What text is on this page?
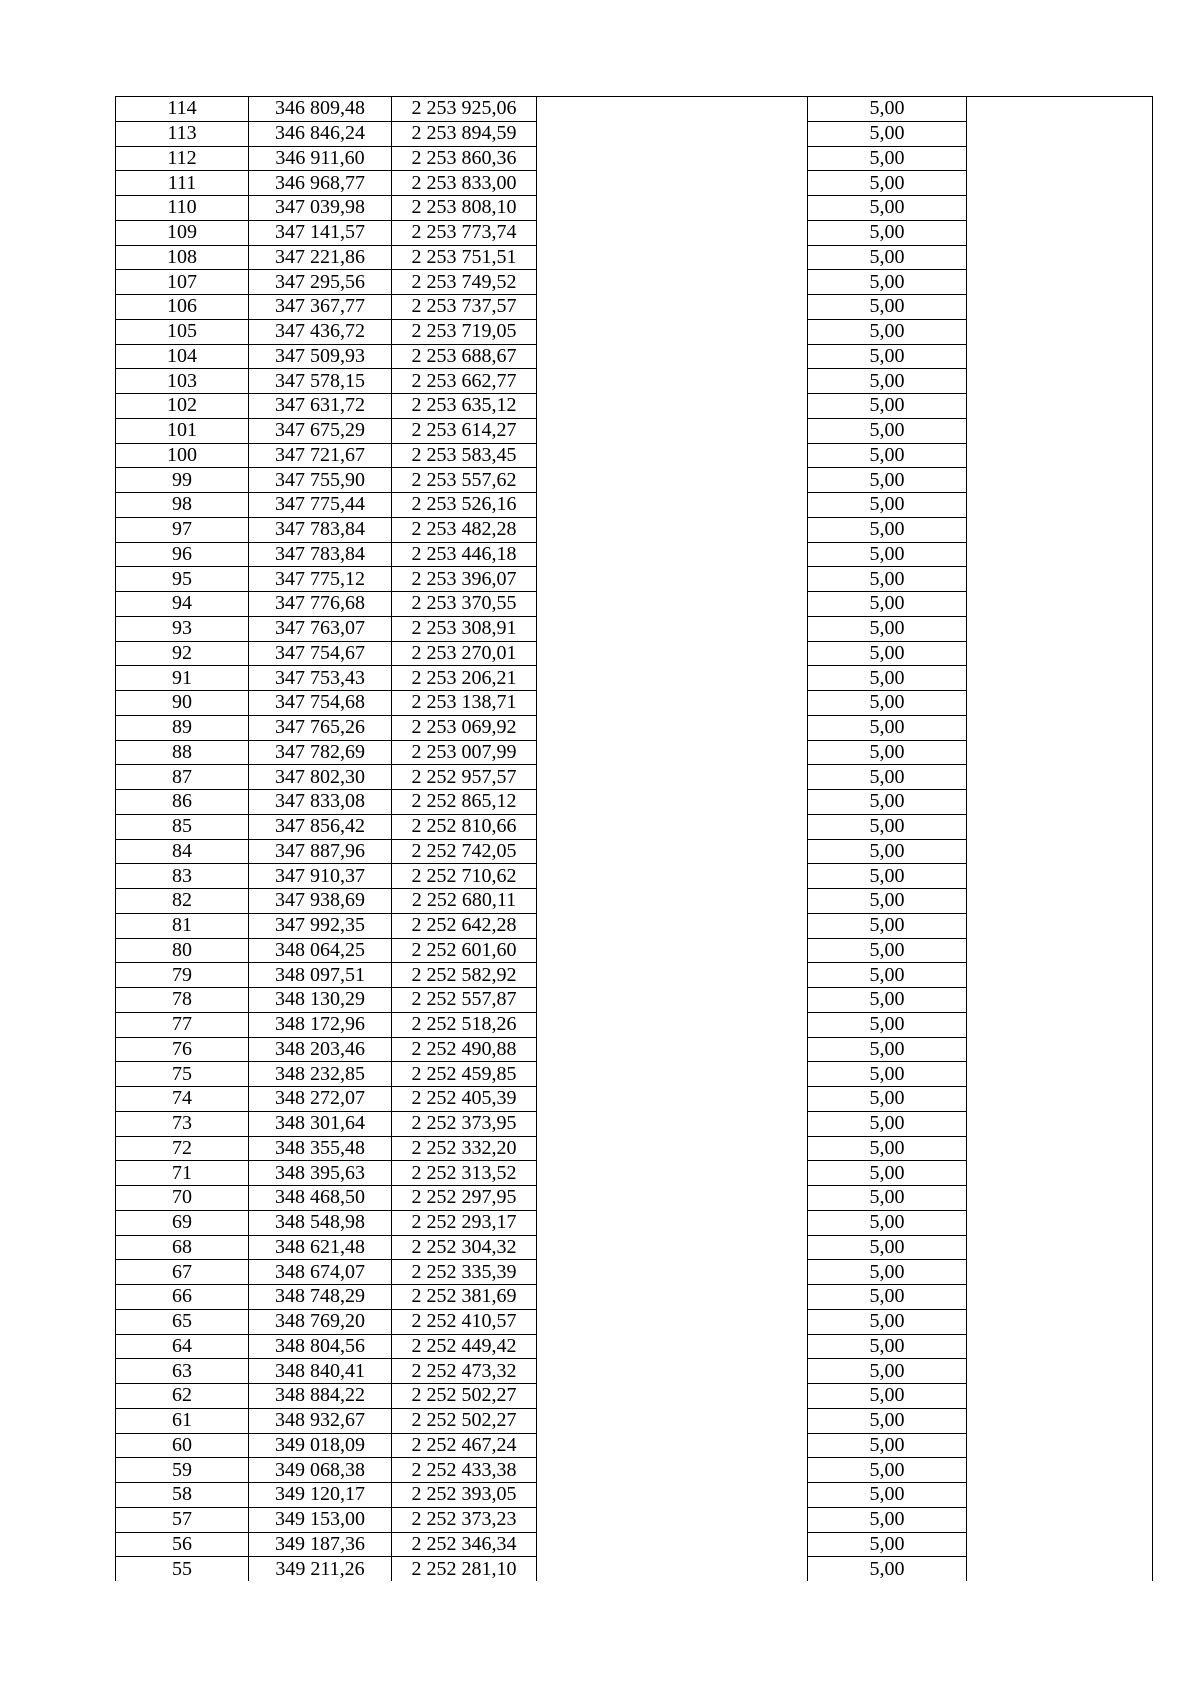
114	346 809,48	2 253 925,06		5,00	
113	346 846,24	2 253 894,59		5,00	
112	346 911,60	2 253 860,36		5,00	
111	346 968,77	2 253 833,00		5,00	
110	347 039,98	2 253 808,10		5,00	
109	347 141,57	2 253 773,74		5,00	
108	347 221,86	2 253 751,51		5,00	
107	347 295,56	2 253 749,52		5,00	
106	347 367,77	2 253 737,57		5,00	
105	347 436,72	2 253 719,05		5,00	
104	347 509,93	2 253 688,67		5,00	
103	347 578,15	2 253 662,77		5,00	
102	347 631,72	2 253 635,12		5,00	
101	347 675,29	2 253 614,27		5,00	
100	347 721,67	2 253 583,45		5,00	
99	347 755,90	2 253 557,62		5,00	
98	347 775,44	2 253 526,16		5,00	
97	347 783,84	2 253 482,28		5,00	
96	347 783,84	2 253 446,18		5,00	
95	347 775,12	2 253 396,07		5,00	
94	347 776,68	2 253 370,55		5,00	
93	347 763,07	2 253 308,91		5,00	
92	347 754,67	2 253 270,01		5,00	
91	347 753,43	2 253 206,21		5,00	
90	347 754,68	2 253 138,71		5,00	
89	347 765,26	2 253 069,92		5,00	
88	347 782,69	2 253 007,99		5,00	
87	347 802,30	2 252 957,57		5,00	
86	347 833,08	2 252 865,12		5,00	
85	347 856,42	2 252 810,66		5,00	
84	347 887,96	2 252 742,05		5,00	
83	347 910,37	2 252 710,62		5,00	
82	347 938,69	2 252 680,11		5,00	
81	347 992,35	2 252 642,28		5,00	
80	348 064,25	2 252 601,60		5,00	
79	348 097,51	2 252 582,92		5,00	
78	348 130,29	2 252 557,87		5,00	
77	348 172,96	2 252 518,26		5,00	
76	348 203,46	2 252 490,88		5,00	
75	348 232,85	2 252 459,85		5,00	
74	348 272,07	2 252 405,39		5,00	
73	348 301,64	2 252 373,95		5,00	
72	348 355,48	2 252 332,20		5,00	
71	348 395,63	2 252 313,52		5,00	
70	348 468,50	2 252 297,95		5,00	
69	348 548,98	2 252 293,17		5,00	
68	348 621,48	2 252 304,32		5,00	
67	348 674,07	2 252 335,39		5,00	
66	348 748,29	2 252 381,69		5,00	
65	348 769,20	2 252 410,57		5,00	
64	348 804,56	2 252 449,42		5,00	
63	348 840,41	2 252 473,32		5,00	
62	348 884,22	2 252 502,27		5,00	
61	348 932,67	2 252 502,27		5,00	
60	349 018,09	2 252 467,24		5,00	
59	349 068,38	2 252 433,38		5,00	
58	349 120,17	2 252 393,05		5,00	
57	349 153,00	2 252 373,23		5,00	
56	349 187,36	2 252 346,34		5,00	
55	349 211,26	2 252 281,10		5,00	
